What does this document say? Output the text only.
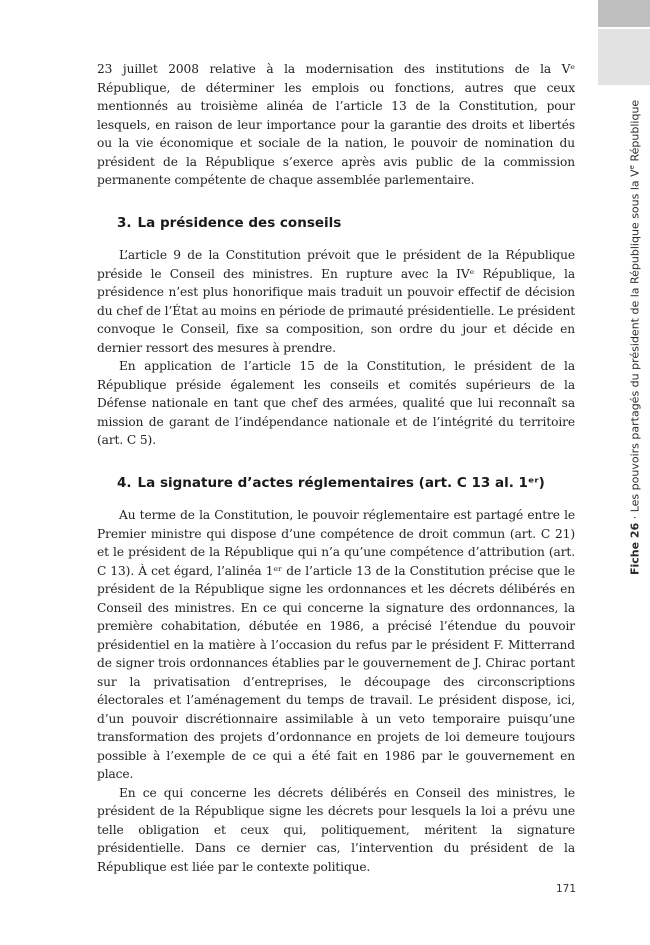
Fiche 26 · Les pouvoirs partagés du président de la République sous la Ve République

23 juillet 2008 relative à la modernisation des institutions de la Vᵉ République, de déterminer les emplois ou fonctions, autres que ceux mentionnés au troisième alinéa de l’article 13 de la Constitution, pour lesquels, en raison de leur importance pour la garantie des droits et libertés ou la vie économique et sociale de la nation, le pouvoir de nomination du président de la République s’exerce après avis public de la commission permanente compétente de chaque assemblée parlementaire.

3. La présidence des conseils

L’article 9 de la Constitution prévoit que le président de la République préside le Conseil des ministres. En rupture avec la IVᵉ République, la présidence n’est plus honorifique mais traduit un pouvoir effectif de décision du chef de l’État au moins en période de primauté présidentielle. Le président convoque le Conseil, fixe sa composition, son ordre du jour et décide en dernier ressort des mesures à prendre.

En application de l’article 15 de la Constitution, le président de la République préside également les conseils et comités supérieurs de la Défense nationale en tant que chef des armées, qualité que lui reconnaît sa mission de garant de l’indépendance nationale et de l’intégrité du territoire (art. C 5).

4. La signature d’actes réglementaires (art. C 13 al. 1ᵉʳ)

Au terme de la Constitution, le pouvoir réglementaire est partagé entre le Premier ministre qui dispose d’une compétence de droit commun (art. C 21) et le président de la République qui n’a qu’une compétence d’attribution (art. C 13). À cet égard, l’alinéa 1ᵉʳ de l’article 13 de la Constitution précise que le président de la République signe les ordonnances et les décrets délibérés en Conseil des ministres. En ce qui concerne la signature des ordonnances, la première cohabitation, débutée en 1986, a précisé l’étendue du pouvoir présidentiel en la matière à l’occasion du refus par le président F. Mitterrand de signer trois ordonnances établies par le gouvernement de J. Chirac portant sur la privatisation d’entreprises, le découpage des circonscriptions électorales et l’aménagement du temps de travail. Le président dispose, ici, d’un pouvoir discrétionnaire assimilable à un veto temporaire puisqu’une transformation des projets d’ordonnance en projets de loi demeure toujours possible à l’exemple de ce qui a été fait en 1986 par le gouvernement en place.

En ce qui concerne les décrets délibérés en Conseil des ministres, le président de la République signe les décrets pour lesquels la loi a prévu une telle obligation et ceux qui, politiquement, méritent la signature présidentielle. Dans ce dernier cas, l’intervention du président de la République est liée par le contexte politique.

171
